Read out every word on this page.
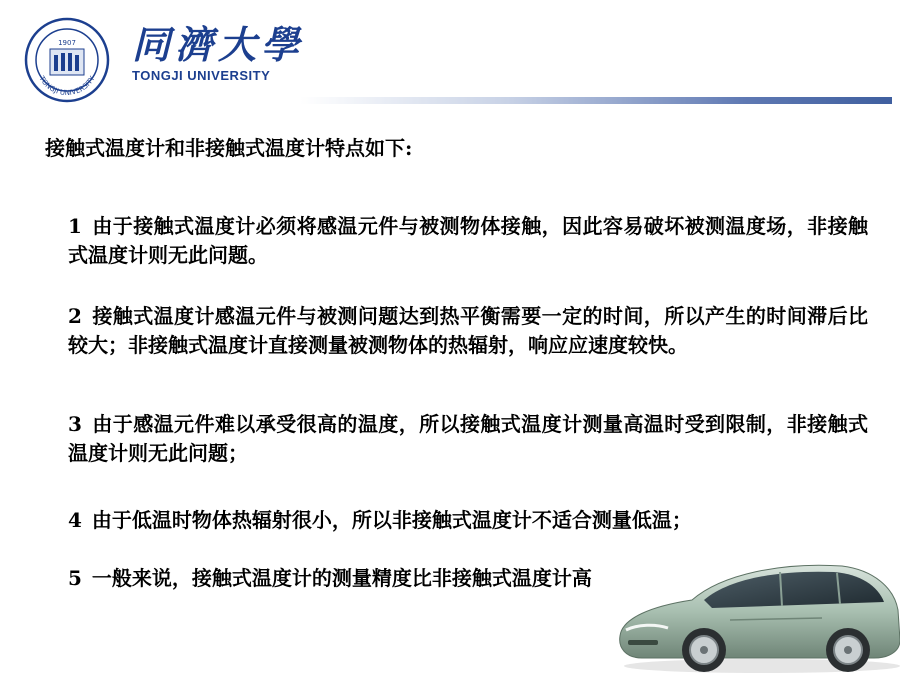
TONGJI UNIVERSITY
1907 同濟大學
TONGJI UNIVERSITY
接触式温度计和非接触式温度计特点如下:
1 由于接触式温度计必须将感温元件与被测物体接触，因此容易破坏被测温度场，非接触式温度计则无此问题。
2 接触式温度计感温元件与被测问题达到热平衡需要一定的时间，所以产生的时间滞后比较大；非接触式温度计直接测量被测物体的热辐射，响应应速度较快。
3 由于感温元件难以承受很高的温度，所以接触式温度计测量高温时受到限制，非接触式温度计则无此问题；
4 由于低温时物体热辐射很小，所以非接触式温度计不适合测量低温；
5 一般来说，接触式温度计的测量精度比非接触式温度计高
